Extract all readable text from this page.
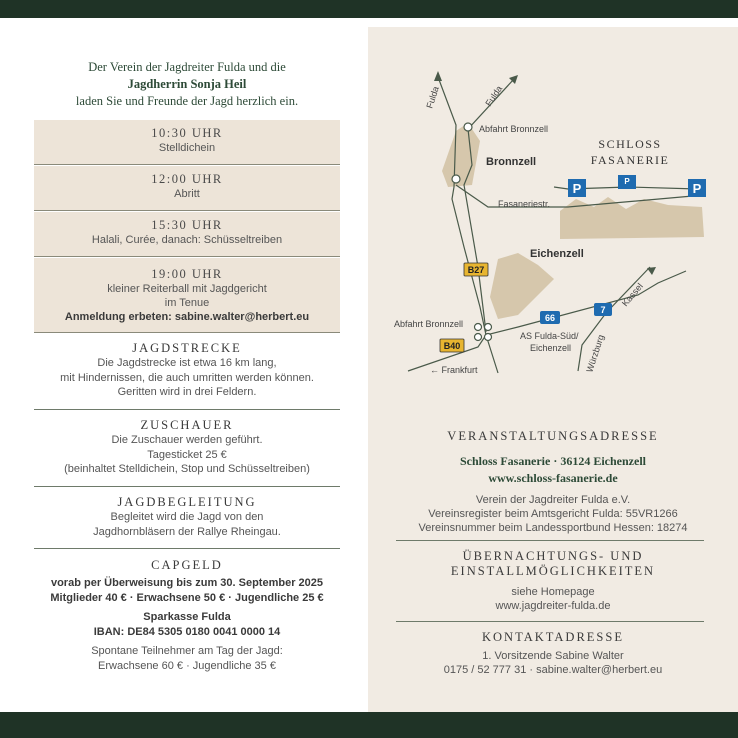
Der Verein der Jagdreiter Fulda und die
Jagdherrin Sonja Heil
laden Sie und Freunde der Jagd herzlich ein.
10:30 UHR
Stelldichein
12:00 UHR
Abritt
15:30 UHR
Halali, Curée, danach: Schüsseltreiben
19:00 UHR
kleiner Reiterball mit Jagdgericht
im Tenue
Anmeldung erbeten: sabine.walter@herbert.eu
JAGDSTRECKE
Die Jagdstrecke ist etwa 16 km lang,
mit Hindernissen, die auch umritten werden können.
Geritten wird in drei Feldern.
ZUSCHAUER
Die Zuschauer werden geführt.
Tagesticket 25 €
(beinhaltet Stelldichein, Stop und Schüsseltreiben)
JAGDBEGLEITUNG
Begleitet wird die Jagd von den
Jagdhornbläsern der Rallye Rheingau.
CAPGELD
vorab per Überweisung bis zum 30. September 2025
Mitglieder 40 € · Erwachsene 50 € · Jugendliche 25 €
Sparkasse Fulda
IBAN: DE84 5305 0180 0041 0000 14
Spontane Teilnehmer am Tag der Jagd:
Erwachsene 60 € · Jugendliche 35 €
Fulda	Fulda
Abfahrt Bronnzell
Bronnzell
SCHLOSS
FASANERIE
Fasaneriestr.
Eichenzell
Kassel
Abfahrt Bronnzell
AS Fulda-Süd/
Eichenzell Würzburg
← Frankfurt
B27
B40
66
7
P	P	P
VERANSTALTUNGSADRESSE
Schloss Fasanerie · 36124 Eichenzell
www.schloss-fasanerie.de
Verein der Jagdreiter Fulda e.V.
Vereinsregister beim Amtsgericht Fulda: 55VR1266
Vereinsnummer beim Landessportbund Hessen: 18274
ÜBERNACHTUNGS- UND
EINSTALLMÖGLICHKEITEN
siehe Homepage
www.jagdreiter-fulda.de
KONTAKTADRESSE
1. Vorsitzende Sabine Walter
0175 / 52 777 31 · sabine.walter@herbert.eu
